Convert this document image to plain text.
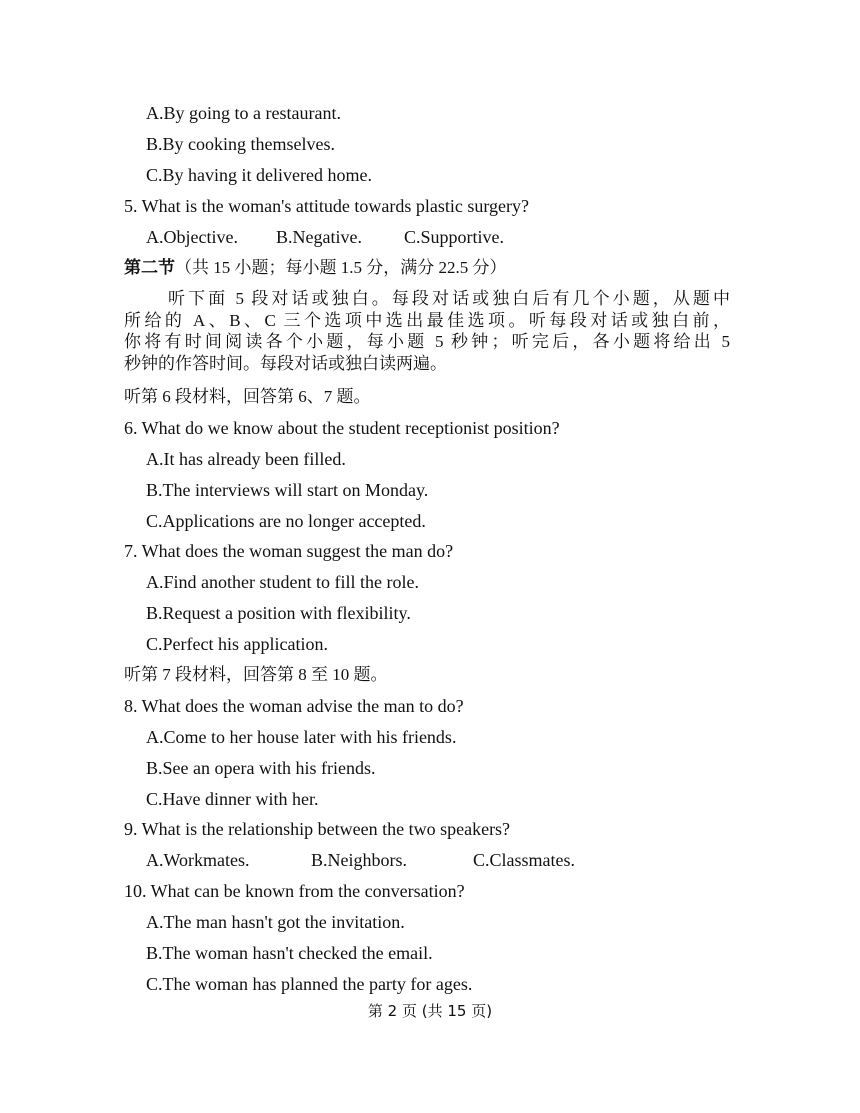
A.By going to a restaurant.
B.By cooking themselves.
C.By having it delivered home.
5. What is the woman's attitude towards plastic surgery?
A.Objective.	B.Negative.	C.Supportive.
第二节（共 15 小题；每小题 1.5 分，满分 22.5 分）
听下面 5 段对话或独白。每段对话或独白后有几个小题，从题中
所给的 A、B、C 三个选项中选出最佳选项。听每段对话或独白前，
你将有时间阅读各个小题，每小题 5 秒钟；听完后，各小题将给出 5
秒钟的作答时间。每段对话或独白读两遍。
听第 6 段材料，回答第 6、7 题。
6. What do we know about the student receptionist position?
A.It has already been filled.
B.The interviews will start on Monday.
C.Applications are no longer accepted.
7. What does the woman suggest the man do?
A.Find another student to fill the role.
B.Request a position with flexibility.
C.Perfect his application.
听第 7 段材料，回答第 8 至 10 题。
8. What does the woman advise the man to do?
A.Come to her house later with his friends.
B.See an opera with his friends.
C.Have dinner with her.
9. What is the relationship between the two speakers?
A.Workmates.	B.Neighbors.	C.Classmates.
10. What can be known from the conversation?
A.The man hasn't got the invitation.
B.The woman hasn't checked the email.
C.The woman has planned the party for ages.
第 2 页 (共 15 页)
